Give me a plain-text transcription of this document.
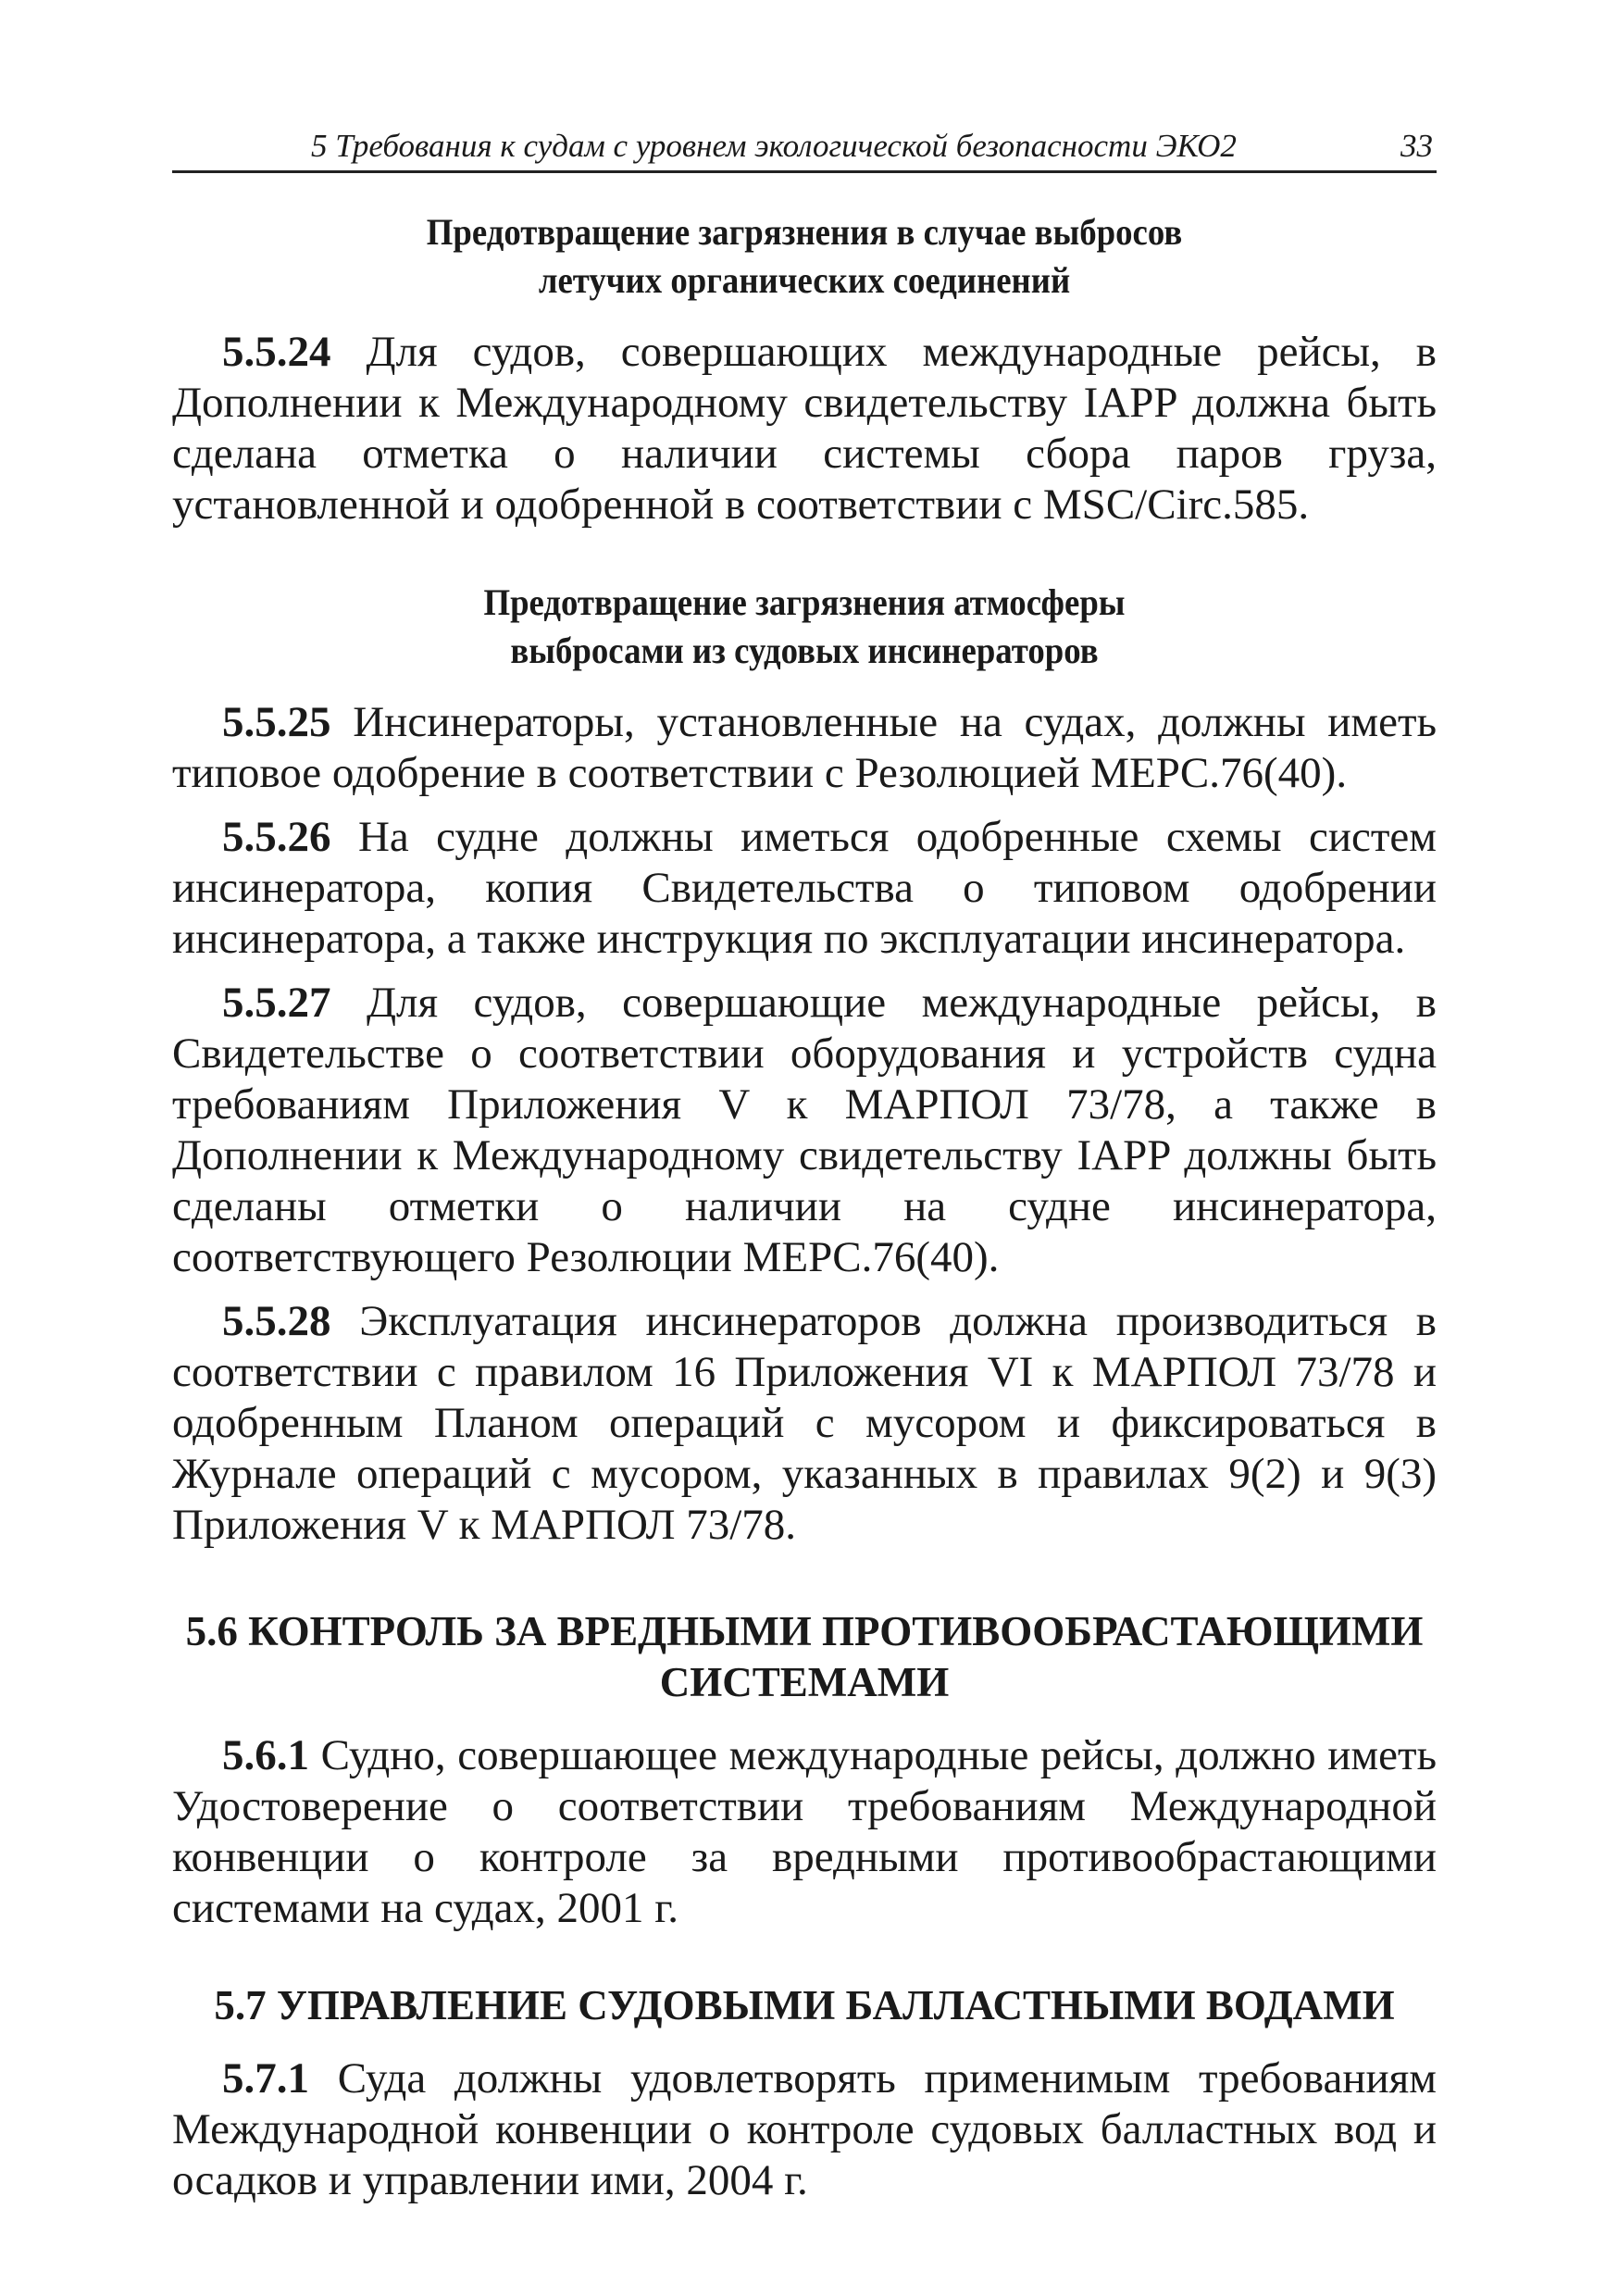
5 Требования к судам с уровнем экологической безопасности ЭКО2	33

Предотвращение загрязнения в случае выбросов

летучих органических соединений

5.5.24 Для судов, совершающих международные рейсы, в Дополнении к Международному свидетельству IAPP должна быть сделана отметка о наличии системы сбора паров груза, установленной и одобренной в соответствии с MSC/Circ.585.

Предотвращение загрязнения атмосферы

выбросами из судовых инсинераторов

5.5.25 Инсинераторы, установленные на судах, должны иметь типовое одобрение в соответствии с Резолюцией MEPC.76(40).

5.5.26 На судне должны иметься одобренные схемы систем инсинератора, копия Свидетельства о типовом одобрении инсинератора, а также инструкция по эксплуатации инсинератора.

5.5.27 Для судов, совершающие международные рейсы, в Свидетельстве о соответствии оборудования и устройств судна требованиям Приложения V к МАРПОЛ 73/78, а также в Дополнении к Международному свидетельству IAPP должны быть сделаны отметки о наличии на судне инсинератора, соответствующего Резолюции MEPC.76(40).

5.5.28 Эксплуатация инсинераторов должна производиться в соответствии с правилом 16 Приложения VI к МАРПОЛ 73/78 и одобренным Планом операций с мусором и фиксироваться в Журнале операций с мусором, указанных в правилах 9(2) и 9(3) Приложения V к МАРПОЛ 73/78.

5.6 КОНТРОЛЬ ЗА ВРЕДНЫМИ ПРОТИВООБРАСТАЮЩИМИ

СИСТЕМАМИ

5.6.1 Судно, совершающее международные рейсы, должно иметь Удостоверение о соответствии требованиям Международной конвенции о контроле за вредными противообрастающими системами на судах, 2001 г.

5.7 УПРАВЛЕНИЕ СУДОВЫМИ БАЛЛАСТНЫМИ ВОДАМИ

5.7.1 Суда должны удовлетворять применимым требованиям Международной конвенции о контроле судовых балластных вод и осадков и управлении ими, 2004 г.
